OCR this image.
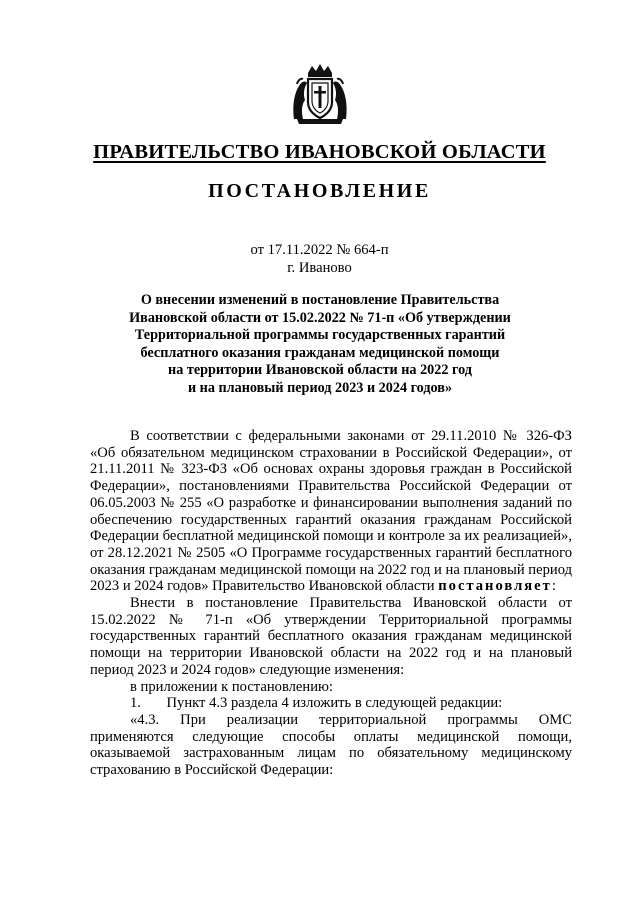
ПРАВИТЕЛЬСТВО ИВАНОВСКОЙ ОБЛАСТИ
ПОСТАНОВЛЕНИЕ
от 17.11.2022 № 664-п
г. Иваново
О внесении изменений в постановление Правительства
Ивановской области от 15.02.2022 № 71-п «Об утверждении
Территориальной программы государственных гарантий
бесплатного оказания гражданам медицинской помощи
на территории Ивановской области на 2022 год
и на плановый период 2023 и 2024 годов»

В соответствии с федеральными законами от 29.11.2010 № 326-ФЗ «Об обязательном медицинском страховании в Российской Федерации», от 21.11.2011 № 323-ФЗ «Об основах охраны здоровья граждан в Российской Федерации», постановлениями Правительства Российской Федерации от 06.05.2003 № 255 «О разработке и финансировании выполнения заданий по обеспечению государственных гарантий оказания гражданам Российской Федерации бесплатной медицинской помощи и контроле за их реализацией», от 28.12.2021 № 2505 «О Программе государственных гарантий бесплатного оказания гражданам медицинской помощи на 2022 год и на плановый период 2023 и 2024 годов» Правительство Ивановской области постановляет:

Внести в постановление Правительства Ивановской области от 15.02.2022 № 71-п «Об утверждении Территориальной программы государственных гарантий бесплатного оказания гражданам медицинской помощи на территории Ивановской области на 2022 год и на плановый период 2023 и 2024 годов» следующие изменения:

в приложении к постановлению:

1. Пункт 4.3 раздела 4 изложить в следующей редакции:

«4.3. При реализации территориальной программы ОМС применяются следующие способы оплаты медицинской помощи, оказываемой застрахованным лицам по обязательному медицинскому страхованию в Российской Федерации:
